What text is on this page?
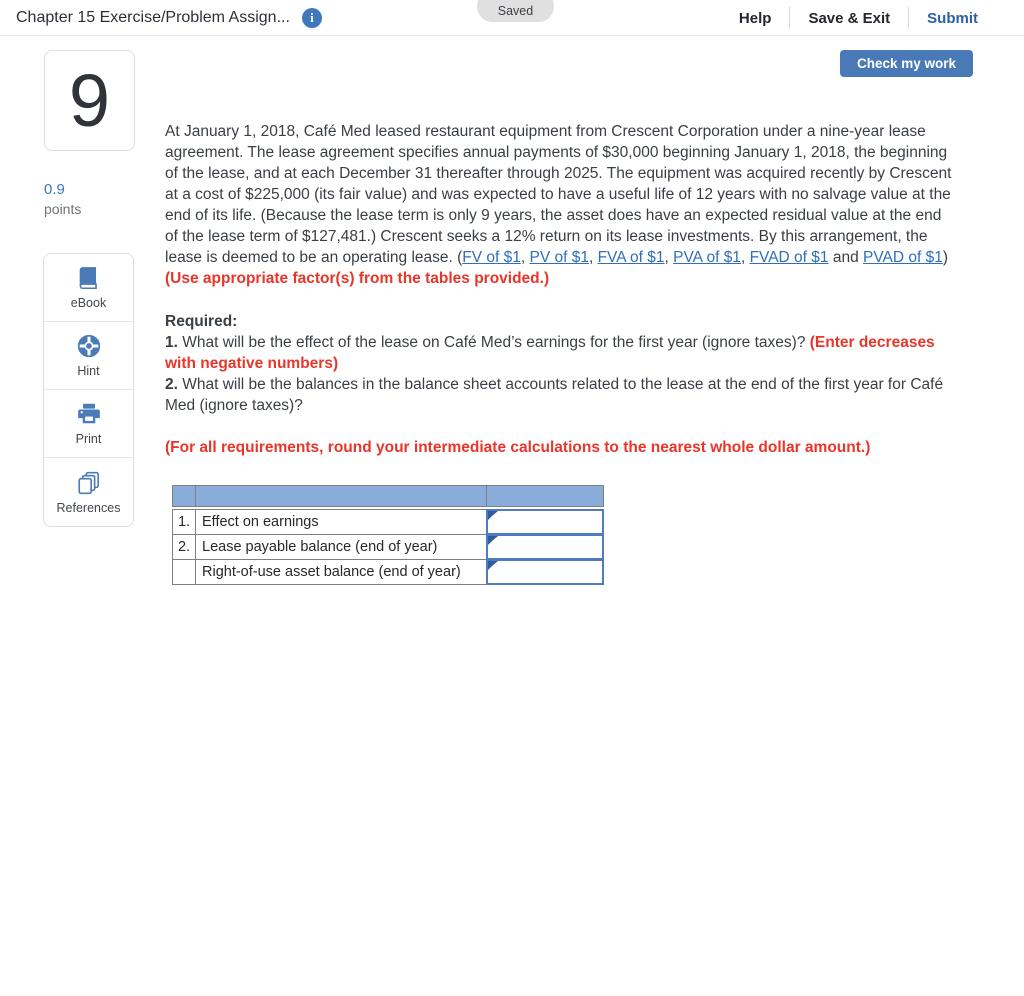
Chapter 15 Exercise/Problem Assign...	i	Saved	Help	Save & Exit	Submit
Check my work
9
0.9
points
eBook
Hint
Print
References

At January 1, 2018, Café Med leased restaurant equipment from Crescent Corporation under a nine-year lease agreement. The lease agreement specifies annual payments of $30,000 beginning January 1, 2018, the beginning of the lease, and at each December 31 thereafter through 2025. The equipment was acquired recently by Crescent at a cost of $225,000 (its fair value) and was expected to have a useful life of 12 years with no salvage value at the end of its life. (Because the lease term is only 9 years, the asset does have an expected residual value at the end of the lease term of $127,481.) Crescent seeks a 12% return on its lease investments. By this arrangement, the lease is deemed to be an operating lease. (FV of $1, PV of $1, FVA of $1, PVA of $1, FVAD of $1 and PVAD of $1) (Use appropriate factor(s) from the tables provided.)

Required:
1. What will be the effect of the lease on Café Med’s earnings for the first year (ignore taxes)? (Enter decreases with negative numbers)
2. What will be the balances in the balance sheet accounts related to the lease at the end of the first year for Café Med (ignore taxes)?
(For all requirements, round your intermediate calculations to the nearest whole dollar amount.)

1.	Effect on earnings	

2.	Lease payable balance (end of year)	

	Right-of-use asset balance (end of year)	
